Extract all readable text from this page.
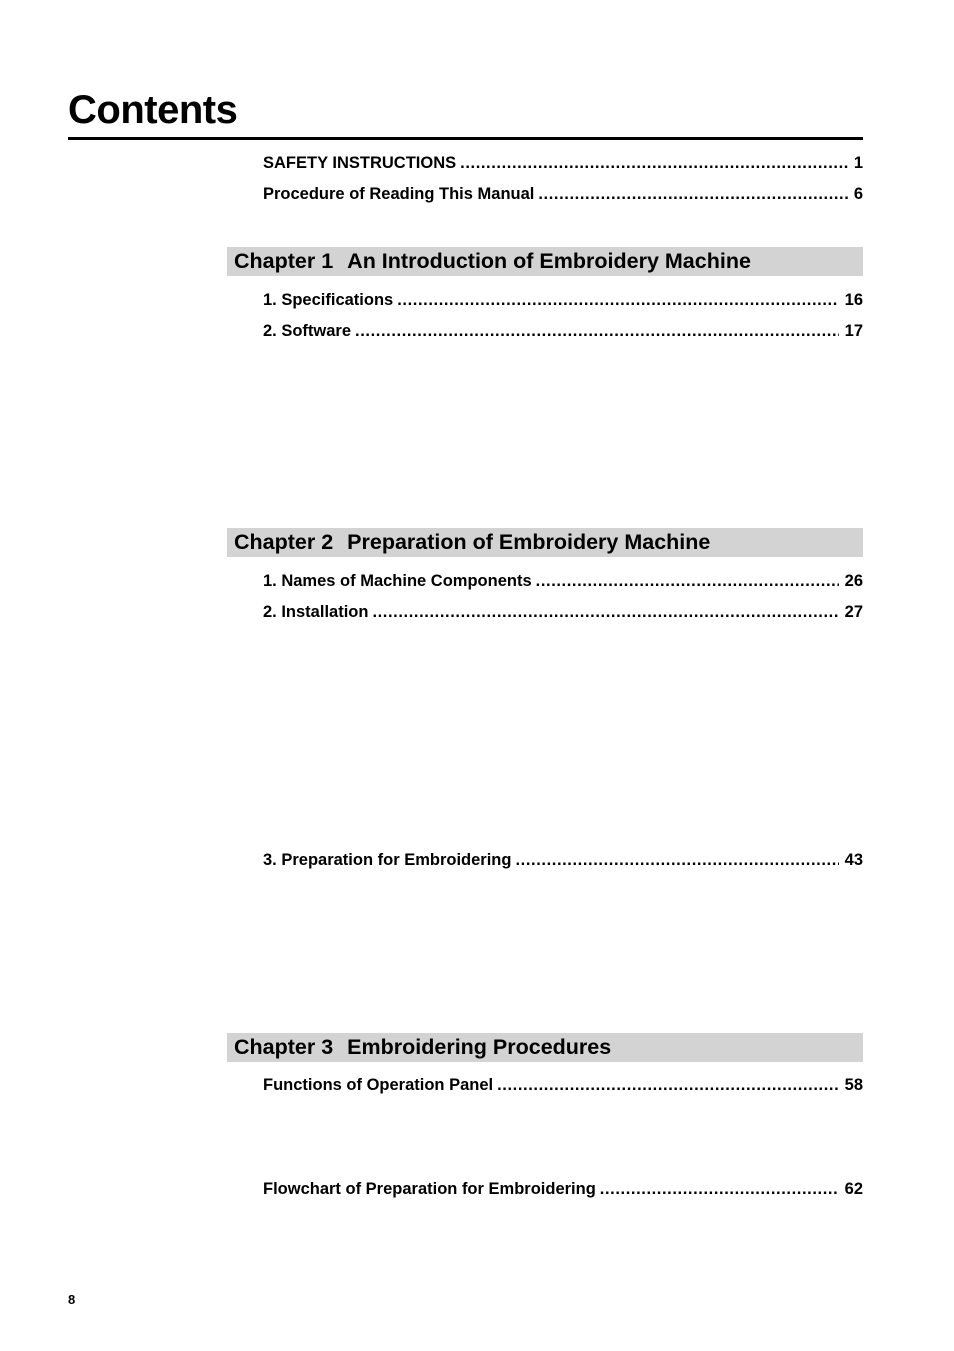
Contents
SAFETY INSTRUCTIONS .....	1
Procedure of Reading This Manual .....	6
Chapter 1 An Introduction of Embroidery Machine
1. Specifications .....	16
2. Software .....	17
Chapter 2 Preparation of Embroidery Machine
1. Names of Machine Components .....	26
2. Installation .....	27
3. Preparation for Embroidering .....	43
Chapter 3 Embroidering Procedures
Functions of Operation Panel .....	58
Flowchart of Preparation for Embroidering .....	62
8
